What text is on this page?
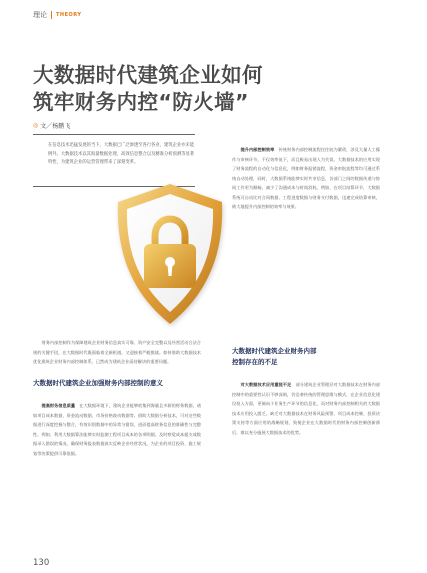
理论 THEORY
大数据时代建筑企业如何
筑牢财务内控“防火墙”
◎ 文／杨鹏飞
在信息技术迅猛发展的当下，大数据已广泛渗透至各行各业，建筑企业亦未能例外。大数据技术以其海量数据处理、高效信息整合以及精准分析预测等显著特性，为建筑企业的运营管理带来了深刻变革。

财务内部控制作为保障建筑企业财务信息真实可靠、资产安全完整以及经营活动合法合规的关键手段，在大数据时代既面临着全新机遇，又迎接着严峻挑战。如何借助大数据技术优化建筑企业财务内部控制体系，已然成为建筑企业亟待解决的重要问题。

大数据时代建筑企业加强财务内部控制的意义

提高财务信息质量　 在大数据环境下，建筑企业能够收集到海量且多源的财务数据，诸如项目成本数据、资金流动数据、市场价格波动数据等。借助大数据分析技术，可对这些数据进行深度挖掘与整合，有效识别数据中的异常与错误，进而提高财务信息的准确性与完整性。例如，利用大数据算法能够实时监测工程项目成本的各项明细，及时察觉成本超支或数据录入错误的情况，确保财务报表数据真实反映企业经营状况，为企业的项目投资、施工规划等决策提供可靠依据。

提升内部控制效率　 传统财务内部控制流程往往较为繁琐，涉及大量人工操作与审核环节，不仅效率低下，而且极易出现人为失误。大数据技术的应用实现了财务流程的自动化与信息化，例如财务报销流程，资金审批流程等均可通过系统自动处理，同时，大数据系统能够实时共享信息，各部门之间的数据传递与协同工作更为顺畅，减少了沟通成本与时间消耗。例如，在项目结算环节，大数据系统可自动比对合同数据、工程进度数据与财务支付数据，迅速完成结算审核，极大地提升内部控制的效率与效果。

大数据时代建筑企业财务内部
控制存在的不足

对大数据技术应用重视不足　 部分建筑企业管理层对大数据技术在财务内部控制中的重要性认识不够深刻，仍沿袭传统的管理思维与模式，在企业信息化建设投入方面，更倾向于业务生产环节的信息化，而对财务内部控制相关的大数据技术应用投入匮乏。缺乏对大数据技术在财务风险预警、项目成本控制、投资决策支持等方面应用的战略规划，致使企业在大数据时代的财务内部控制创新滞后，难以充分施展大数据技术的优势。

130
